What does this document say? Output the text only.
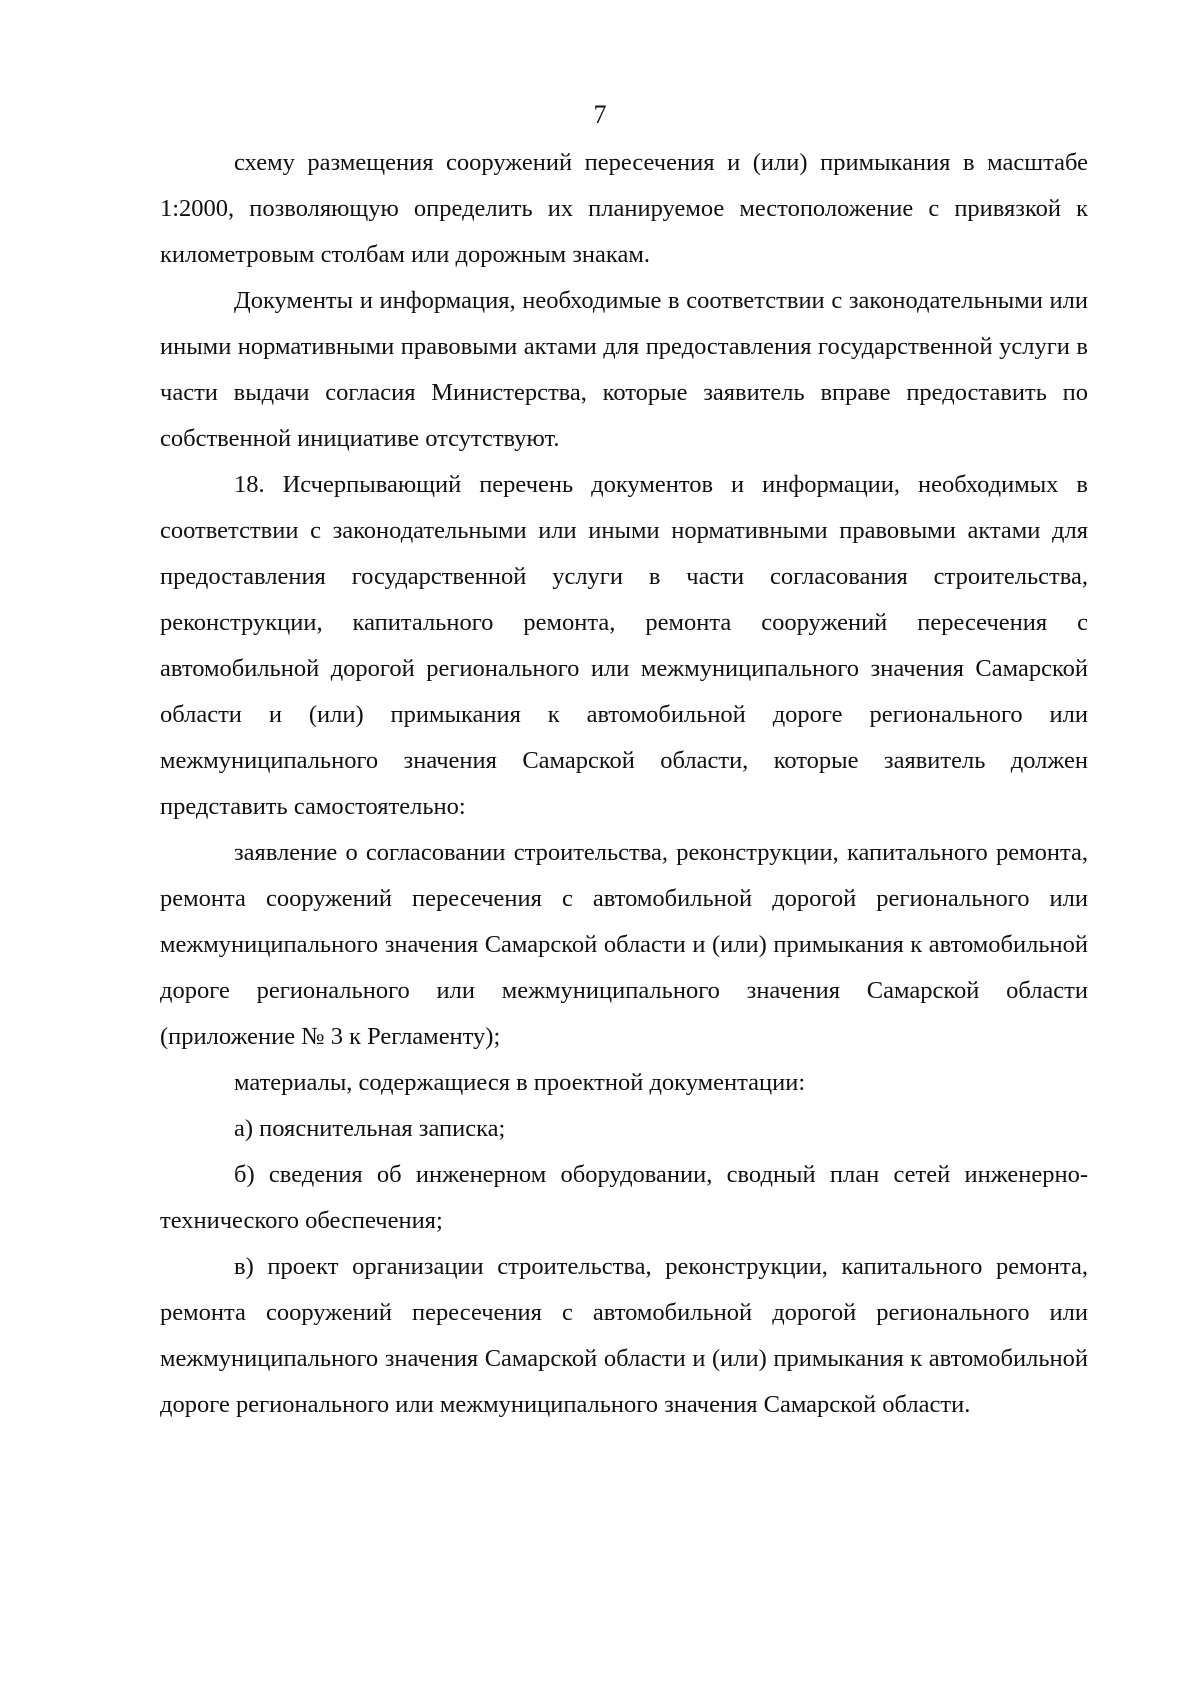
7

схему размещения сооружений пересечения и (или) примыкания в масштабе 1:2000, позволяющую определить их планируемое местоположение с привязкой к километровым столбам или дорожным знакам.

Документы и информация, необходимые в соответствии с законодательными или иными нормативными правовыми актами для предоставления государственной услуги в части выдачи согласия Министерства, которые заявитель вправе предоставить по собственной инициативе отсутствуют.

18. Исчерпывающий перечень документов и информации, необходимых в соответствии с законодательными или иными нормативными правовыми актами для предоставления государственной услуги в части согласования строительства, реконструкции, капитального ремонта, ремонта сооружений пересечения с автомобильной дорогой регионального или межмуниципального значения Самарской области и (или) примыкания к автомобильной дороге регионального или межмуниципального значения Самарской области, которые заявитель должен представить самостоятельно:

заявление о согласовании строительства, реконструкции, капитального ремонта, ремонта сооружений пересечения с автомобильной дорогой регионального или межмуниципального значения Самарской области и (или) примыкания к автомобильной дороге регионального или межмуниципального значения Самарской области (приложение № 3 к Регламенту);

материалы, содержащиеся в проектной документации:

а) пояснительная записка;

б) сведения об инженерном оборудовании, сводный план сетей инженерно-технического обеспечения;

в) проект организации строительства, реконструкции, капитального ремонта, ремонта сооружений пересечения с автомобильной дорогой регионального или межмуниципального значения Самарской области и (или) примыкания к автомобильной дороге регионального или межмуниципального значения Самарской области.
